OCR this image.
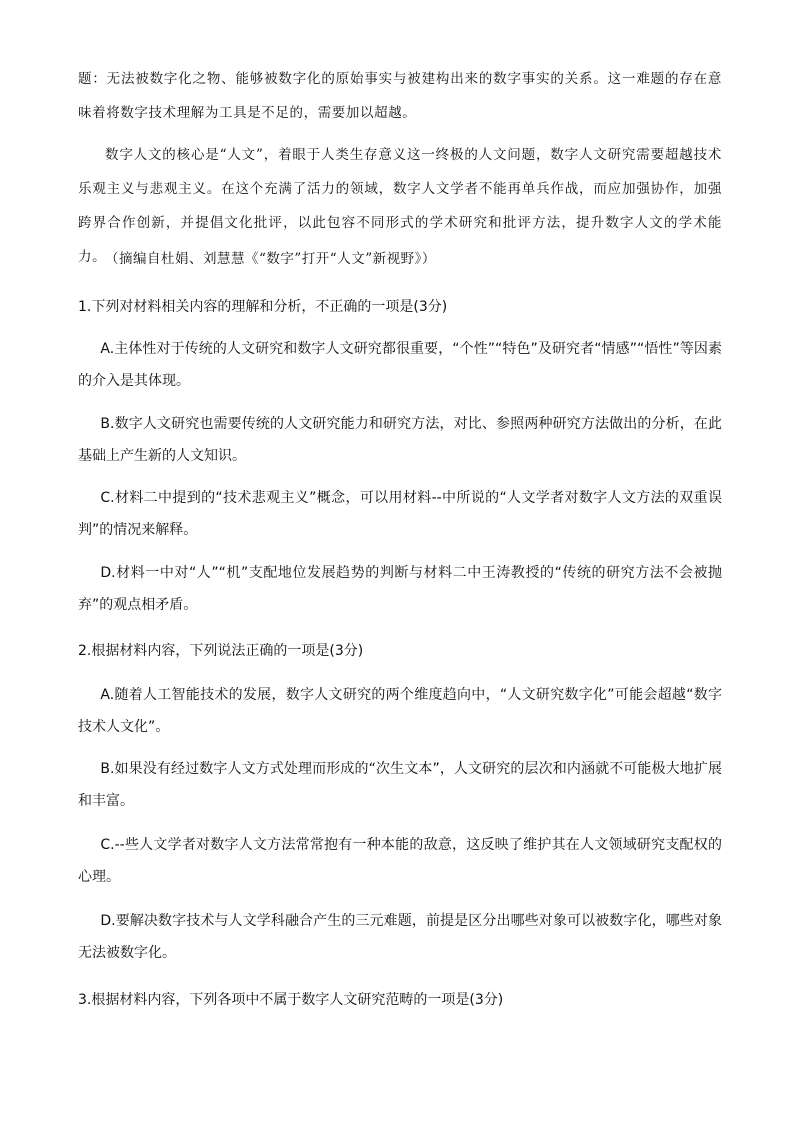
题：无法被数字化之物、能够被数字化的原始事实与被建构出来的数字事实的关系。这一难题的存在意味着将数字技术理解为工具是不足的，需要加以超越。

数字人文的核心是“人文”，着眼于人类生存意义这一终极的人文问题，数字人文研究需要超越技术乐观主义与悲观主义。在这个充满了活力的领域，数字人文学者不能再单兵作战，而应加强协作，加强跨界合作创新，并提倡文化批评，以此包容不同形式的学术研究和批评方法，提升数字人文的学术能力。

（摘编自杜娟、刘慧慧《“数字”打开“人文”新视野》）

1.下列对材料相关内容的理解和分析，不正确的一项是(3分)

A.主体性对于传统的人文研究和数字人文研究都很重要，“个性”“特色”及研究者“情感”“悟性”等因素的介入是其体现。

B.数字人文研究也需要传统的人文研究能力和研究方法，对比、参照两种研究方法做出的分析，在此基础上产生新的人文知识。

C.材料二中提到的“技术悲观主义”概念，可以用材料--中所说的“人文学者对数字人文方法的双重误判”的情况来解释。

D.材料一中对“人”“机”支配地位发展趋势的判断与材料二中王涛教授的“传统的研究方法不会被抛弃”的观点相矛盾。

2.根据材料内容，下列说法正确的一项是(3分)

A.随着人工智能技术的发展，数字人文研究的两个维度趋向中，“人文研究数字化”可能会超越“数字技术人文化”。

B.如果没有经过数字人文方式处理而形成的“次生文本”，人文研究的层次和内涵就不可能极大地扩展和丰富。

C.--些人文学者对数字人文方法常常抱有一种本能的敌意，这反映了维护其在人文领域研究支配权的心理。

D.要解决数字技术与人文学科融合产生的三元难题，前提是区分出哪些对象可以被数字化，哪些对象无法被数字化。

3.根据材料内容，下列各项中不属于数字人文研究范畴的一项是(3分)
